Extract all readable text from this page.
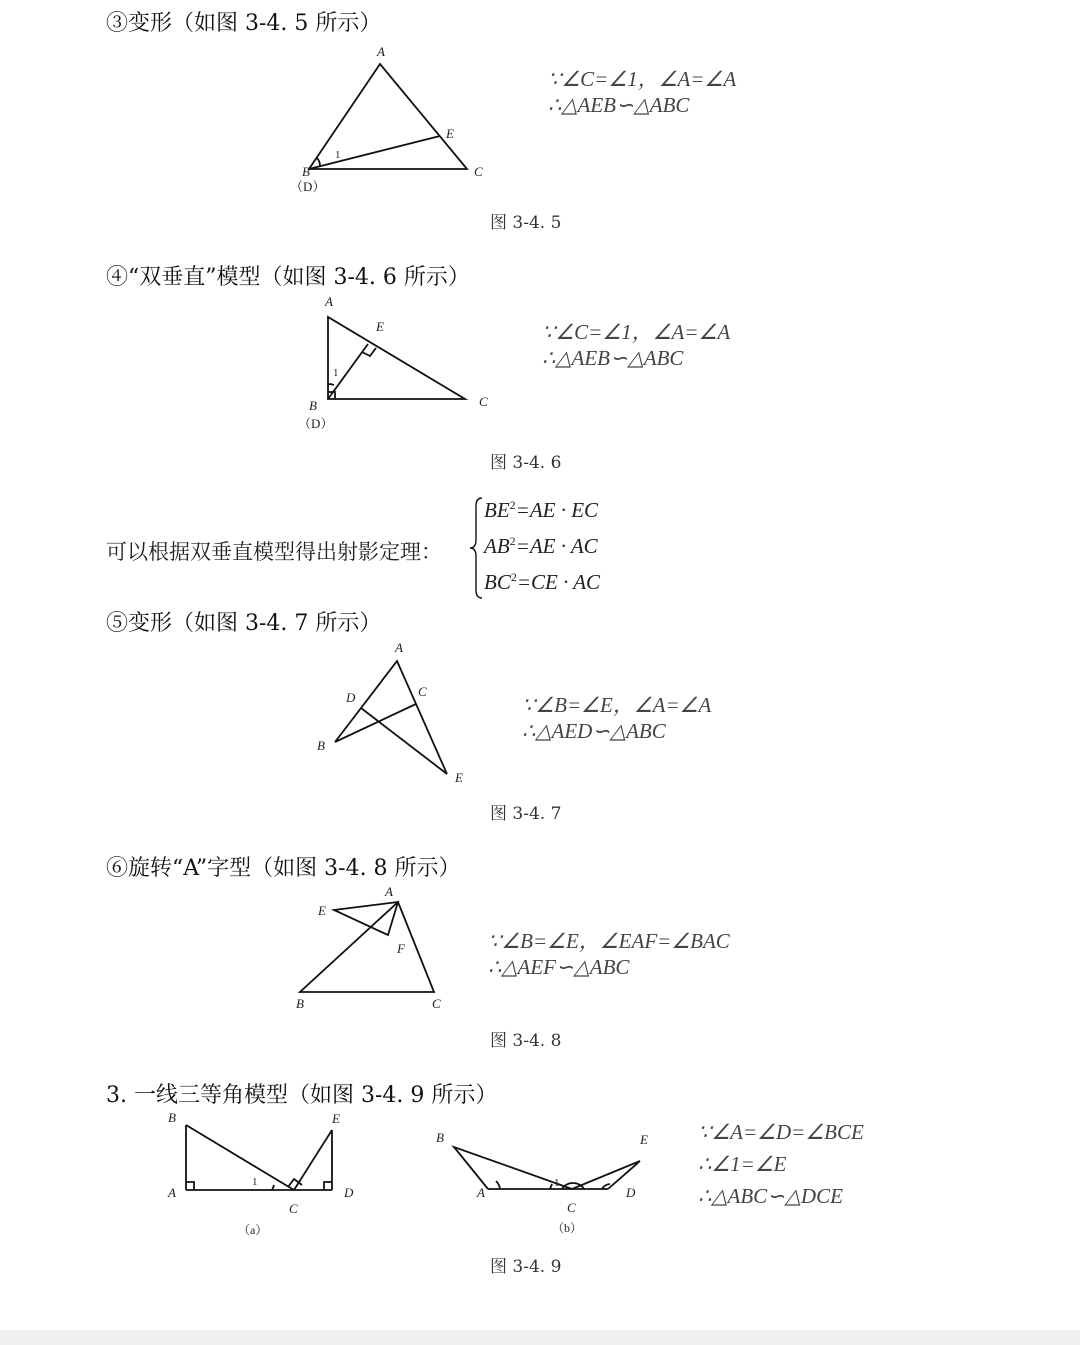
③变形（如图 3-4. 5 所示）
A
B
（D）
E
C
1
∵∠C=∠1，∠A=∠A
∴△AEB∽△ABC
图 3-4. 5
④“双垂直”模型（如图 3-4. 6 所示）
A
E
B
（D）
C
1
∵∠C=∠1，∠A=∠A
∴△AEB∽△ABC
图 3-4. 6
可以根据双垂直模型得出射影定理：
$BE^2=AE$ · EC
$AB^2=AE$ · AC
$BC^2=CE$ · AC
⑤变形（如图 3-4. 7 所示）
A
D	C
B
E
∵∠B=∠E，∠A=∠A
∴△AED∽△ABC
图 3-4. 7
⑥旋转“A”字型（如图 3-4. 8 所示）
A
E
F
B	C
∵∠B=∠E，∠EAF=∠BAC
∴△AEF∽△ABC
图 3-4. 8
3. 一线三等角模型（如图 3-4. 9 所示）
B	E
A	D
C
1
（a）
B	E
A	D
C
1
（b）
∵∠A=∠D=∠BCE
∴∠1=∠E
∴△ABC∽△DCE
图 3-4. 9
